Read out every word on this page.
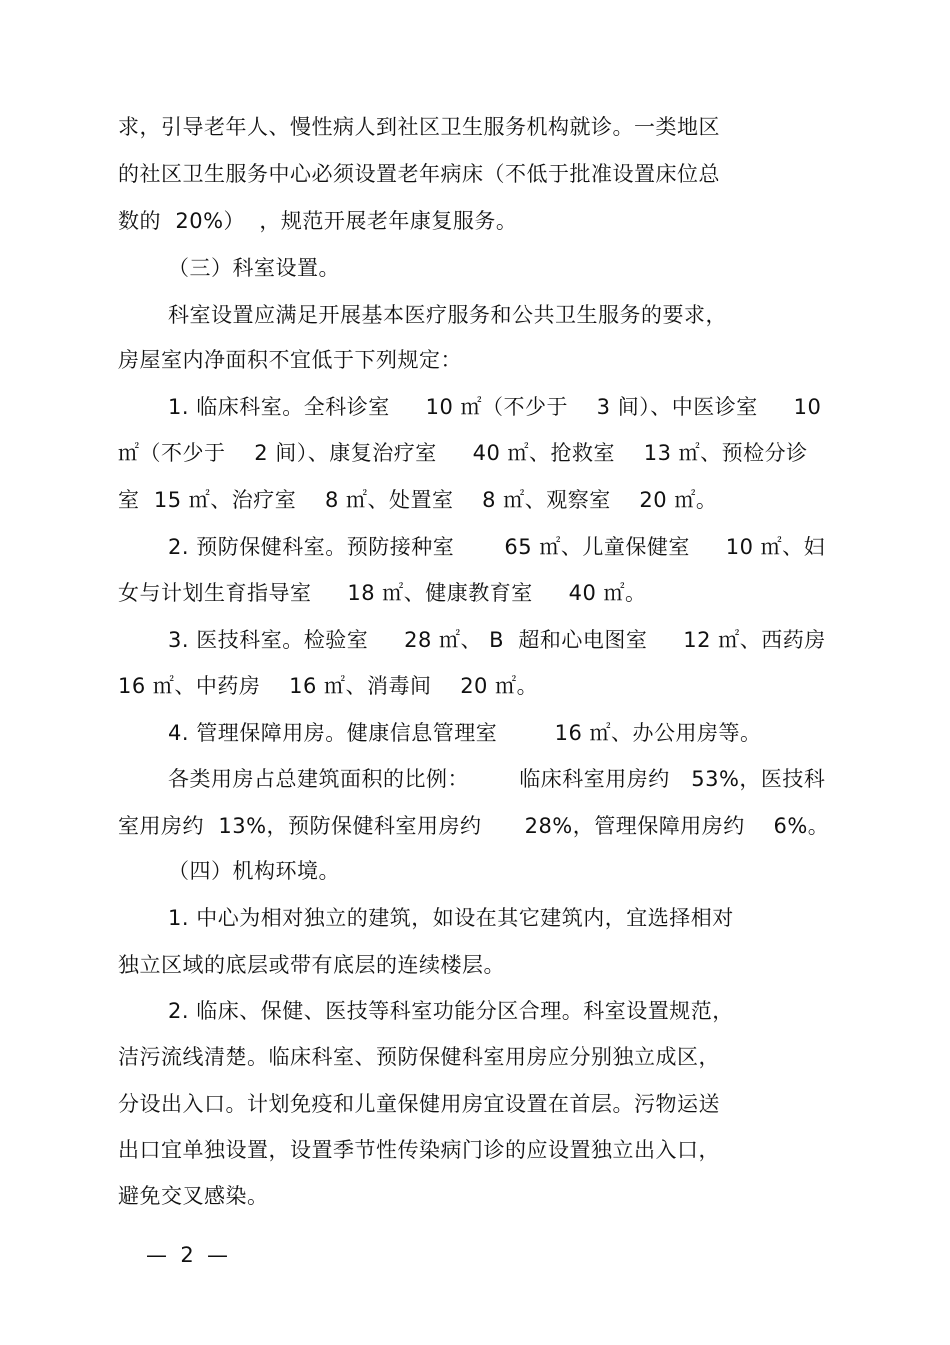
求，引导老年人、慢性病人到社区卫生服务机构就诊。一类地区
的社区卫生服务中心必须设置老年病床（不低于批准设置床位总
数的  20%）  ，规范开展老年康复服务。
（三）科室设置。
科室设置应满足开展基本医疗服务和公共卫生服务的要求，
房屋室内净面积不宜低于下列规定：
1. 临床科室。全科诊室     10 ㎡（不少于    3 间）、中医诊室     10
㎡（不少于    2 间）、康复治疗室     40 ㎡、抢救室    13 ㎡、预检分诊
室  15 ㎡、治疗室    8 ㎡、处置室    8 ㎡、观察室    20 ㎡。
2. 预防保健科室。预防接种室       65 ㎡、儿童保健室     10 ㎡、妇
女与计划生育指导室     18 ㎡、健康教育室     40 ㎡。
3. 医技科室。检验室     28 ㎡、 B  超和心电图室     12 ㎡、西药房
16 ㎡、中药房    16 ㎡、消毒间    20 ㎡。
4. 管理保障用房。健康信息管理室        16 ㎡、办公用房等。
各类用房占总建筑面积的比例：       临床科室用房约   53%，医技科
室用房约  13%，预防保健科室用房约      28%，管理保障用房约    6%。
（四）机构环境。
1. 中心为相对独立的建筑，如设在其它建筑内，宜选择相对
独立区域的底层或带有底层的连续楼层。
2. 临床、保健、医技等科室功能分区合理。科室设置规范，
洁污流线清楚。临床科室、预防保健科室用房应分别独立成区，
分设出入口。计划免疫和儿童保健用房宜设置在首层。污物运送
出口宜单独设置，设置季节性传染病门诊的应设置独立出入口，
避免交叉感染。
—  2  —
